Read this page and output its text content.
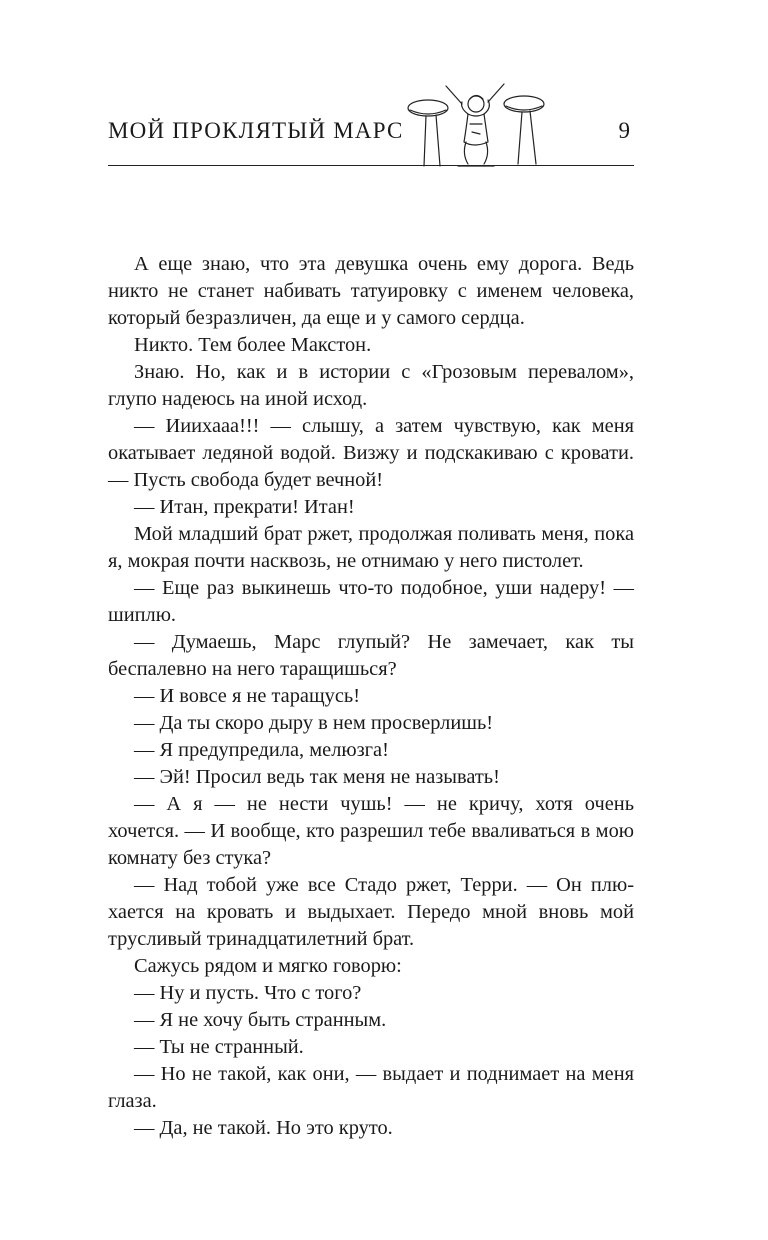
МОЙ ПРОКЛЯТЫЙ МАРС	9

А еще знаю, что эта девушка очень ему дорога. Ведь никто не станет набивать татуировку с именем человека, который безразличен, да еще и у самого сердца.

Никто. Тем более Макстон.

Знаю. Но, как и в истории с «Грозовым перевалом», глупо надеюсь на иной исход.

— Ииихааа!!! — слышу, а затем чувствую, как меня окатывает ледяной водой. Визжу и подскакиваю с кровати. — Пусть свобода будет вечной!

— Итан, прекрати! Итан!

Мой младший брат ржет, продолжая поливать меня, пока я, мокрая почти насквозь, не отнимаю у него пистолет.

— Еще раз выкинешь что-то подобное, уши надеру! — шиплю.

— Думаешь, Марс глупый? Не замечает, как ты беспалевно на него таращишься?

— И вовсе я не таращусь!

— Да ты скоро дыру в нем просверлишь!

— Я предупредила, мелюзга!

— Эй! Просил ведь так меня не называть!

— А я — не нести чушь! — не кричу, хотя очень хочется. — И вообще, кто разрешил тебе вваливаться в мою комнату без стука?

— Над тобой уже все Стадо ржет, Терри. — Он плюхается на кровать и выдыхает. Передо мной вновь мой трусливый тринадцатилетний брат.

Сажусь рядом и мягко говорю:

— Ну и пусть. Что с того?

— Я не хочу быть странным.

— Ты не странный.

— Но не такой, как они, — выдает и поднимает на меня глаза.

— Да, не такой. Но это круто.
